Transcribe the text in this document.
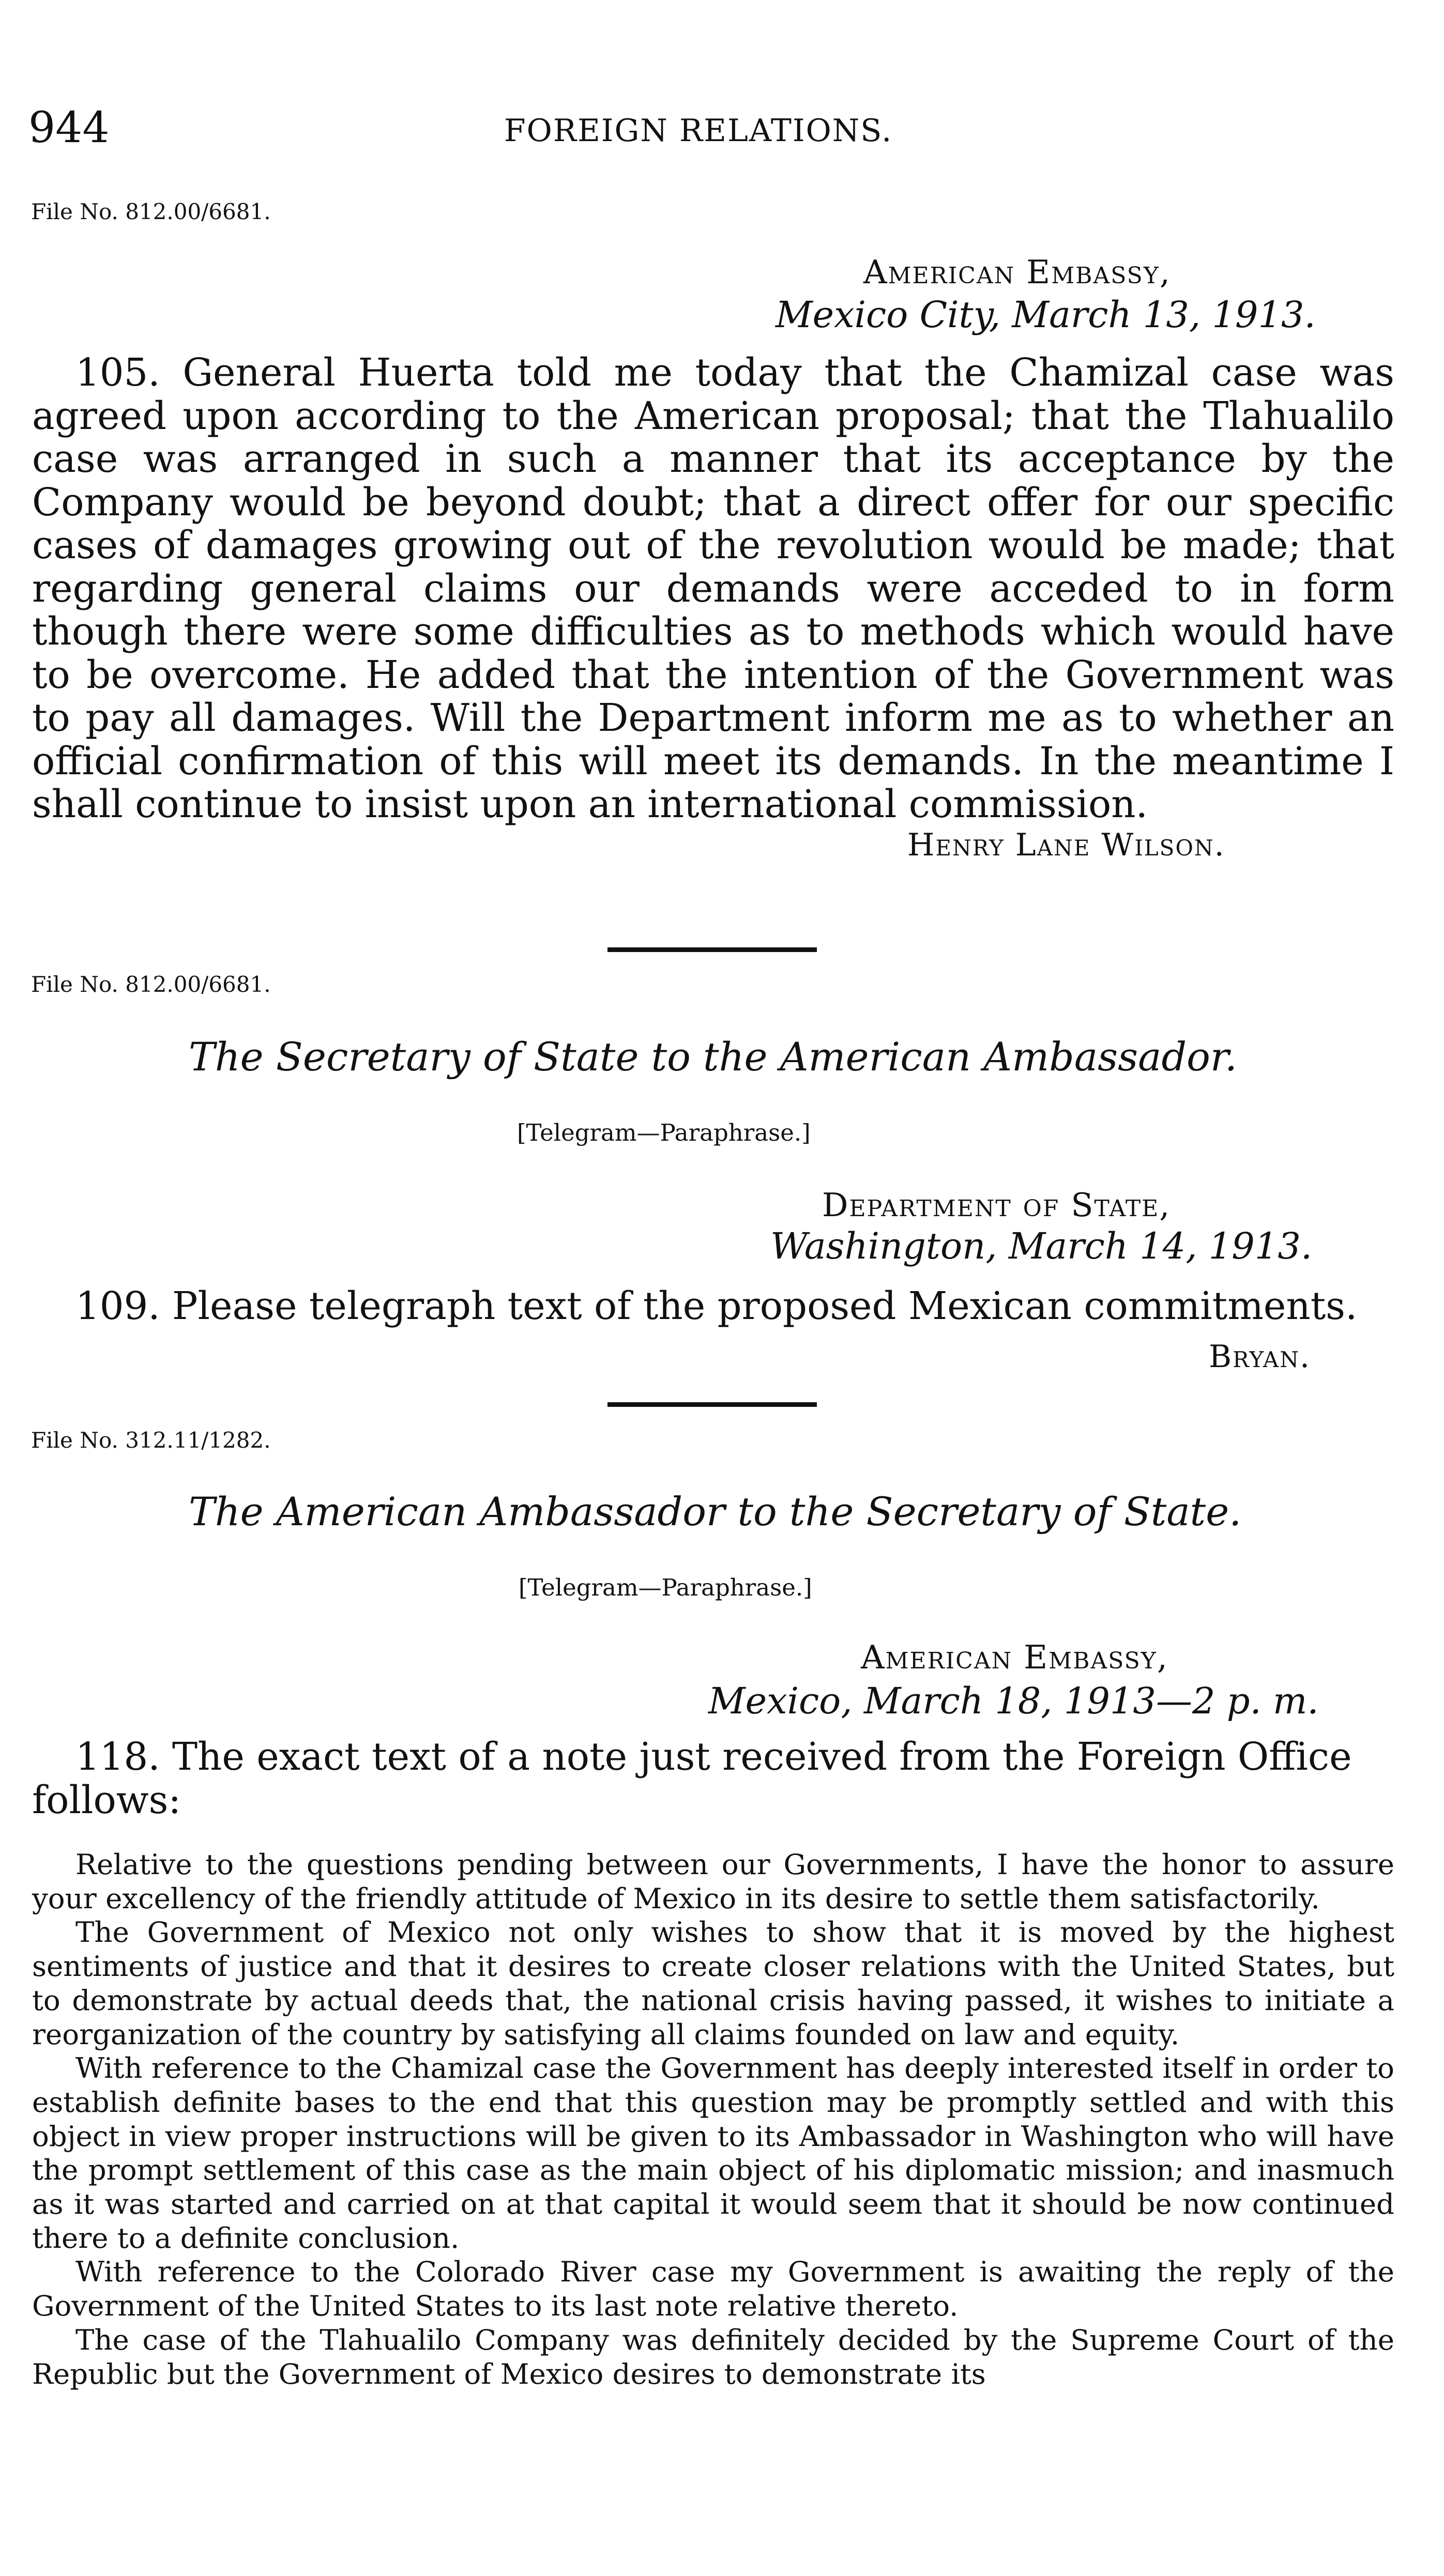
944	FOREIGN RELATIONS.
File No. 812.00/6681.
American Embassy,
Mexico City, March 13, 1913.
105. General Huerta told me today that the Chamizal case was agreed upon according to the American proposal; that the Tlahualilo case was arranged in such a manner that its acceptance by the Company would be beyond doubt; that a direct offer for our specific cases of damages growing out of the revolution would be made; that regarding general claims our demands were acceded to in form though there were some difficulties as to methods which would have to be overcome. He added that the intention of the Government was to pay all damages. Will the Department inform me as to whether an official confirmation of this will meet its demands. In the meantime I shall continue to insist upon an international commission.
Henry Lane Wilson.
File No. 812.00/6681.
The Secretary of State to the American Ambassador.
[Telegram—Paraphrase.]
Department of State,
Washington, March 14, 1913.
109. Please telegraph text of the proposed Mexican commitments.
Bryan.
File No. 312.11/1282.
The American Ambassador to the Secretary of State.
[Telegram—Paraphrase.]
American Embassy,
Mexico, March 18, 1913—2 p. m.
118. The exact text of a note just received from the Foreign Office follows:

Relative to the questions pending between our Governments, I have the honor to assure your excellency of the friendly attitude of Mexico in its desire to settle them satisfactorily.

The Government of Mexico not only wishes to show that it is moved by the highest sentiments of justice and that it desires to create closer relations with the United States, but to demonstrate by actual deeds that, the national crisis having passed, it wishes to initiate a reorganization of the country by satisfying all claims founded on law and equity.

With reference to the Chamizal case the Government has deeply interested itself in order to establish definite bases to the end that this question may be promptly settled and with this object in view proper instructions will be given to its Ambassador in Washington who will have the prompt settlement of this case as the main object of his diplomatic mission; and inasmuch as it was started and carried on at that capital it would seem that it should be now continued there to a definite conclusion.

With reference to the Colorado River case my Government is awaiting the reply of the Government of the United States to its last note relative thereto.

The case of the Tlahualilo Company was definitely decided by the Supreme Court of the Republic but the Government of Mexico desires to demonstrate its
